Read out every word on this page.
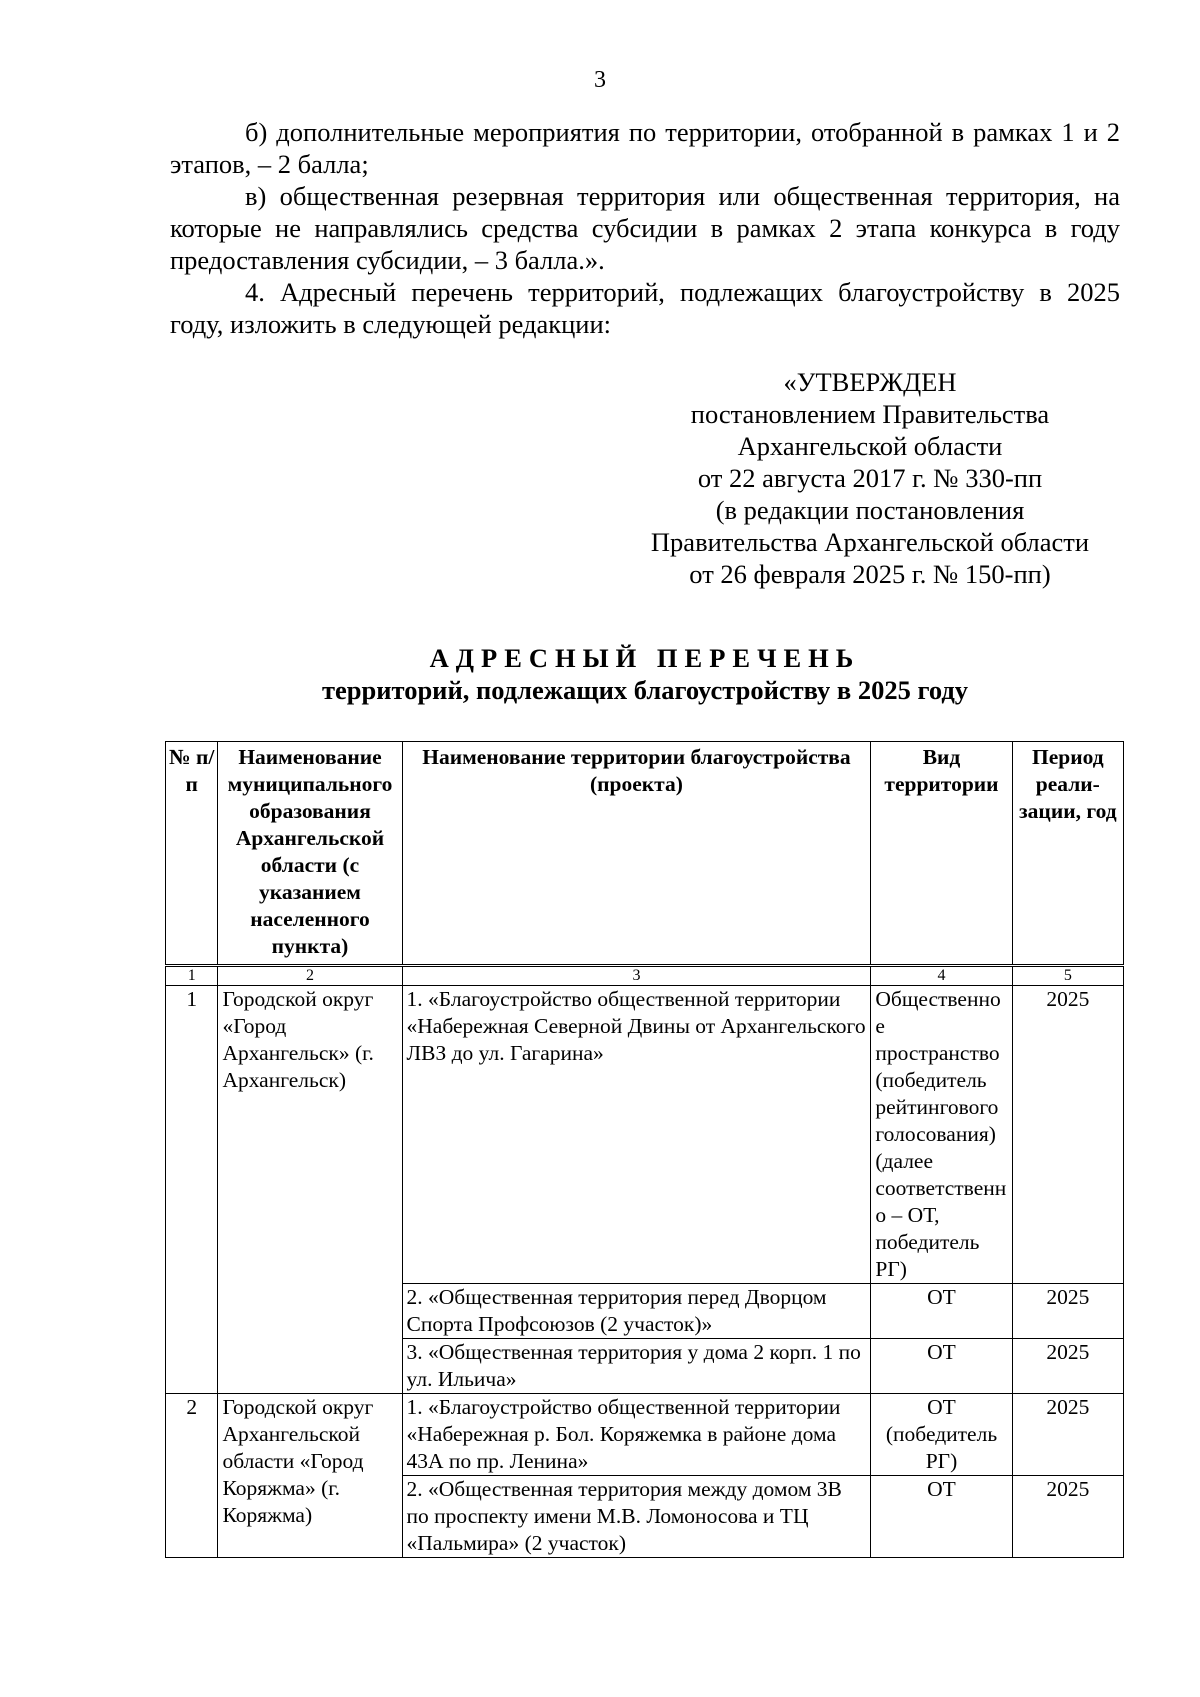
3

б) дополнительные мероприятия по территории, отобранной в рамках 1 и 2 этапов, – 2 балла;

в) общественная резервная территория или общественная территория, на которые не направлялись средства субсидии в рамках 2 этапа конкурса в году предоставления субсидии, – 3 балла.».

4. Адресный перечень территорий, подлежащих благоустройству в 2025 году, изложить в следующей редакции:

«УТВЕРЖДЕН
постановлением Правительства
Архангельской области
от 22 августа 2017 г. № 330-пп
(в редакции постановления
Правительства Архангельской области
от 26 февраля 2025 г. № 150-пп)
АДРЕСНЫЙ ПЕРЕЧЕНЬ
территорий, подлежащих благоустройству в 2025 году
№ п/п	Наименование муниципального образования Архангельской области (с указанием населенного пункта)	Наименование территории благоустройства (проекта)	Вид территории	Период реали-зации, год
1	2	3	4	5
1	Городской округ «Город Архангельск» (г. Архангельск)	1. «Благоустройство общественной территории «Набережная Северной Двины от Архангельского ЛВЗ до ул. Гагарина»	Общественное пространство (победитель рейтингового голосования) (далее соответственно – ОТ, победитель РГ)	2025
		2. «Общественная территория перед Дворцом Спорта Профсоюзов (2 участок)»	ОТ	2025
		3. «Общественная территория у дома 2 корп. 1 по ул. Ильича»	ОТ	2025
2	Городской округ Архангельской области «Город Коряжма» (г. Коряжма)	1. «Благоустройство общественной территории «Набережная р. Бол. Коряжемка в районе дома 43А по пр. Ленина»	ОТ (победитель РГ)	2025
		2. «Общественная территория между домом 3В по проспекту имени М.В. Ломоносова и ТЦ «Пальмира» (2 участок)	ОТ	2025
